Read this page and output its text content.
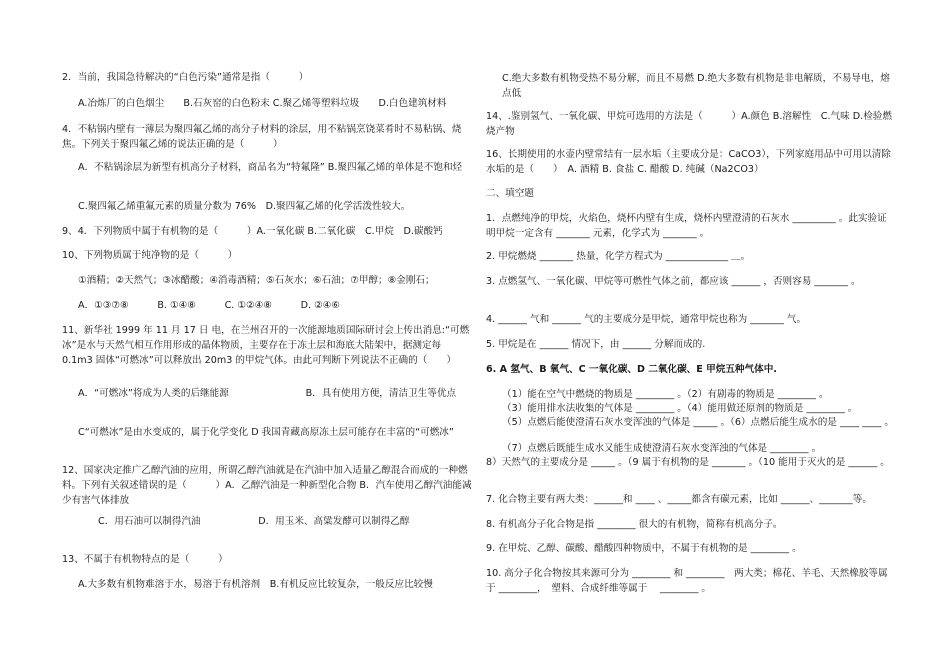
2．当前，我国急待解决的“白色污染”通常是指（　　　）

A.冶炼厂的白色烟尘　　B.石灰窑的白色粉末 C.聚乙烯等塑料垃圾　　D.白色建筑材料

4．不粘锅内壁有一薄层为聚四氟乙烯的高分子材料的涂层，用不粘锅烹饶菜肴时不易粘锅、烧焦。下列关于聚四氟乙烯的说法正确的是（　　　）

A．不粘锅涂层为新型有机高分子材料，商品名为“特氟隆” B.聚四氟乙烯的单体是不饱和烃

C.聚四氟乙烯重氟元素的质量分数为 76%　D.聚四氟乙烯的化学活泼性较大。

9、4．下列物质中属于有机物的是（　　　）A.一氧化碳 B.二氧化碳　C.甲烷　D.碳酸钙

10、下列物质属于纯净物的是（　　　）

①酒精；②天然气；③冰醋酸；④消毒酒精；⑤石灰水；⑥石油；⑦甲醇；⑧金刚石；

A．①③⑦⑧　　　B. ①④⑧　　　C. ①②④⑧　　　D. ②④⑥

11、新华社 1999 年 11 月 17 日 电，在兰州召开的一次能源地质国际研讨会上传出消息:“可燃冰”是水与天然气相互作用形成的晶体物质，主要存在于冻土层和海底大陆架中，据测定每 0.1m3 固体“可燃冰”可以释放出 20m3 的甲烷气体。由此可判断下列说法不正确的（　　）

A．“可燃冰”将成为人类的后继能源　　　　　　　　B．具有使用方便，清洁卫生等优点

C“可燃冰”是由水变成的，属于化学变化 D 我国青藏高原冻土层可能存在丰富的“可燃冰”

12、国家决定推广乙醇汽油的应用，所谓乙醇汽油就是在汽油中加入适量乙醇混合而成的一种燃料。下列有关叙述错误的是（　　　）A．乙醇汽油是一种新型化合物 B．汽车使用乙醇汽油能减少有害气体排放

C．用石油可以制得汽油　　　　　　D．用玉米、高粱发酵可以制得乙醇

13、不属于有机物特点的是（　　　）

A.大多数有机物难溶于水，易溶于有机溶剂　B.有机反应比较复杂，一般反应比较慢

C.绝大多数有机物受热不易分解，而且不易燃 D.绝大多数有机物是非电解质，不易导电，熔点低

14、.鉴别氢气、一氧化碳、甲烷可选用的方法是（　　　）A.颜色 B.溶解性　C.气味 D.检验燃烧产物

16、长期使用的水壶内壁常结有一层水垢（主要成分是：CaCO3），下列家庭用品中可用以清除水垢的是（　　）　A. 酒精 B. 食盐 C. 醋酸 D. 纯碱（Na2CO3）

二、填空题

1．点燃纯净的甲烷，火焰色，烧杯内壁有生成，烧杯内壁澄清的石灰水 _________ 。此实验证明甲烷一定含有 _______ 元素，化学式为 _______ 。

2. 甲烷燃烧 _______ 热量，化学方程式为 _____________ ＿。

3. 点燃氢气、一氧化碳、甲烷等可燃性气体之前，都应该 ______ ，否则容易 _______ 。

4. ______ 气和 ______ 气的主要成分是甲烷，通常甲烷也称为 _______ 气。

5. 甲烷是在 ______ 情况下，由 ______ 分解而成的.

6. A 氢气、B 氧气、C 一氧化碳、D 二氧化碳、E 甲烷五种气体中.

（1）能在空气中燃烧的物质是 ________ 。（2）有剧毒的物质是 ________ 。

（3）能用排水法收集的气体是 ________ 。（4）能用做还原剂的物质是 ________ 。

（5）点燃后能使澄清石灰水变浑浊的气体是 _____ 。（6）点燃后能生成水的是 ____ ____ 。

（7）点燃后既能生成水又能生成使澄清石灰水变浑浊的气体是 ________ 。

8）天然气的主要成分是 _____ 。（9 属于有机物的是 _______ 。（10 能用于灭火的是 ______ 。

7. 化合物主要有两大类：______和 ____ 、_____都含有碳元素，比如 ______、_______等。

8. 有机高分子化合物是指 ________ 很大的有机物，简称有机高分子。

9. 在甲烷、乙醇、碳酸、醋酸四种物质中，不属于有机物的是 ________ 。

10. 高分子化合物按其来源可分为 ________ 和 ________　两大类；棉花、羊毛、天然橡胶等属于 ________，　塑料、合成纤维等属于　 ________ 。
